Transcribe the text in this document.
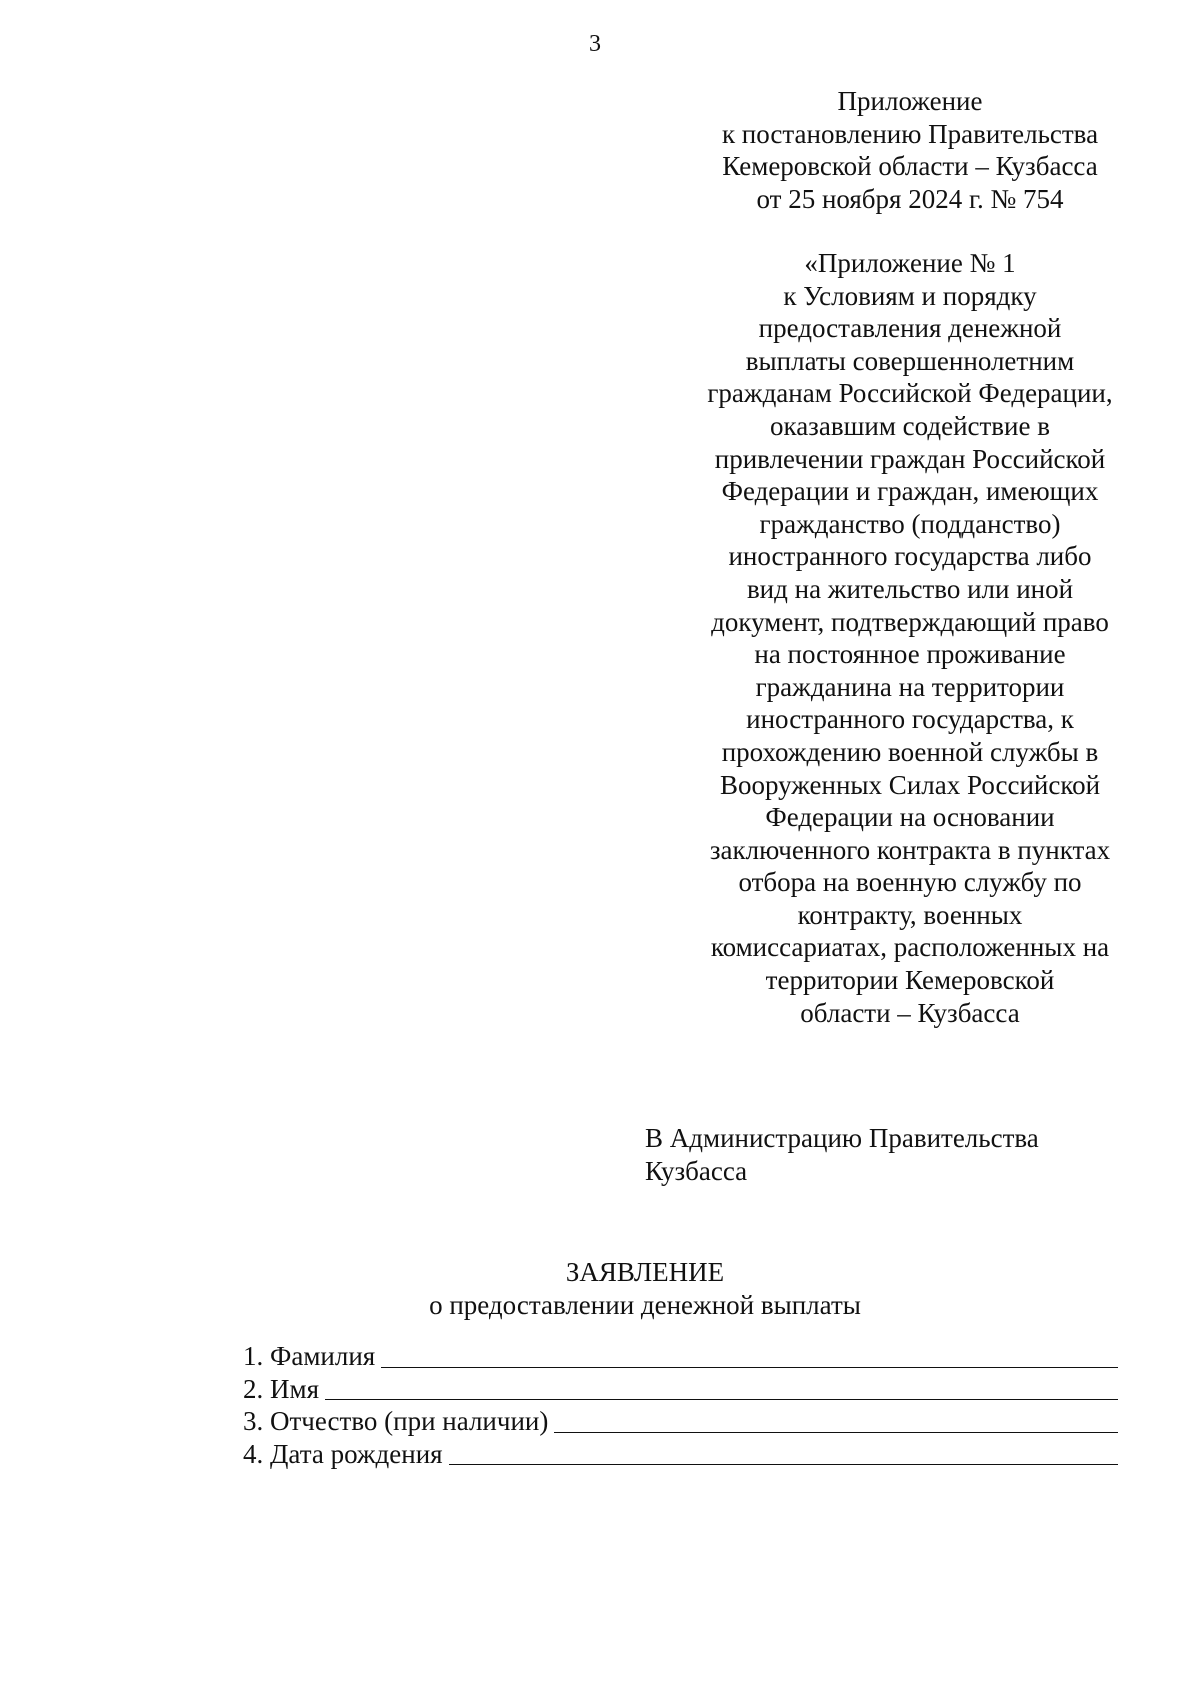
3
Приложение
к постановлению Правительства
Кемеровской области – Кузбасса
от 25 ноября 2024 г. № 754
«Приложение № 1
к Условиям и порядку
предоставления денежной
выплаты совершеннолетним
гражданам Российской Федерации,
оказавшим содействие в
привлечении граждан Российской
Федерации и граждан, имеющих
гражданство (подданство)
иностранного государства либо
вид на жительство или иной
документ, подтверждающий право
на постоянное проживание
гражданина на территории
иностранного государства, к
прохождению военной службы в
Вооруженных Силах Российской
Федерации на основании
заключенного контракта в пунктах
отбора на военную службу по
контракту, военных
комиссариатах, расположенных на
территории Кемеровской
области – Кузбасса
В Администрацию Правительства
Кузбасса
ЗАЯВЛЕНИЕ
о предоставлении денежной выплаты
1. Фамилия
2. Имя
3. Отчество (при наличии)
4. Дата рождения
